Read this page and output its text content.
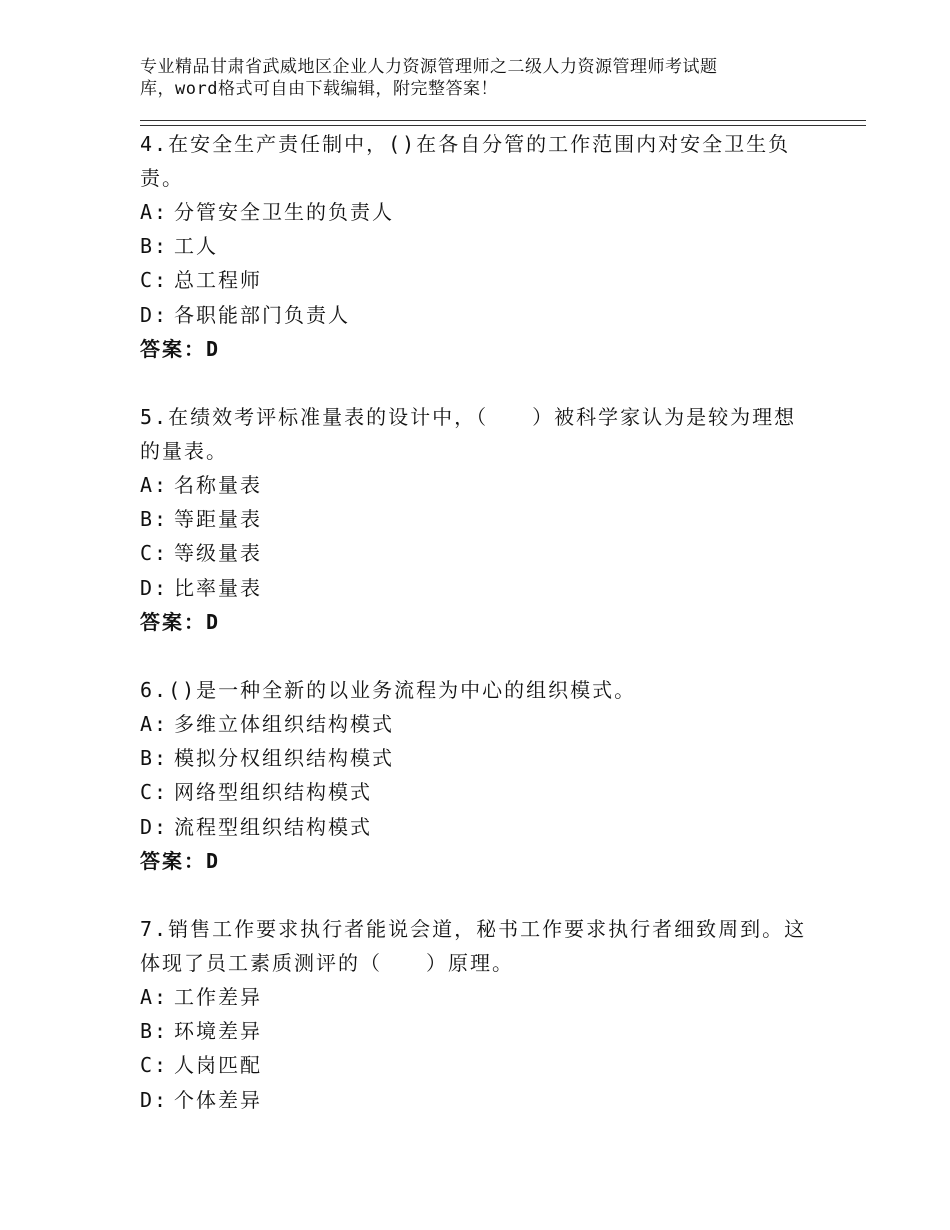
专业精品甘肃省武威地区企业人力资源管理师之二级人力资源管理师考试题
库，word格式可自由下载编辑，附完整答案！
4.在安全生产责任制中，()在各自分管的工作范围内对安全卫生负
责。
A: 分管安全卫生的负责人
B: 工人
C: 总工程师
D: 各职能部门负责人
答案：D
5.在绩效考评标准量表的设计中，（　　）被科学家认为是较为理想
的量表。
A: 名称量表
B: 等距量表
C: 等级量表
D: 比率量表
答案：D
6.()是一种全新的以业务流程为中心的组织模式。
A: 多维立体组织结构模式
B: 模拟分权组织结构模式
C: 网络型组织结构模式
D: 流程型组织结构模式
答案：D
7.销售工作要求执行者能说会道，秘书工作要求执行者细致周到。这
体现了员工素质测评的（　　）原理。
A: 工作差异
B: 环境差异
C: 人岗匹配
D: 个体差异
